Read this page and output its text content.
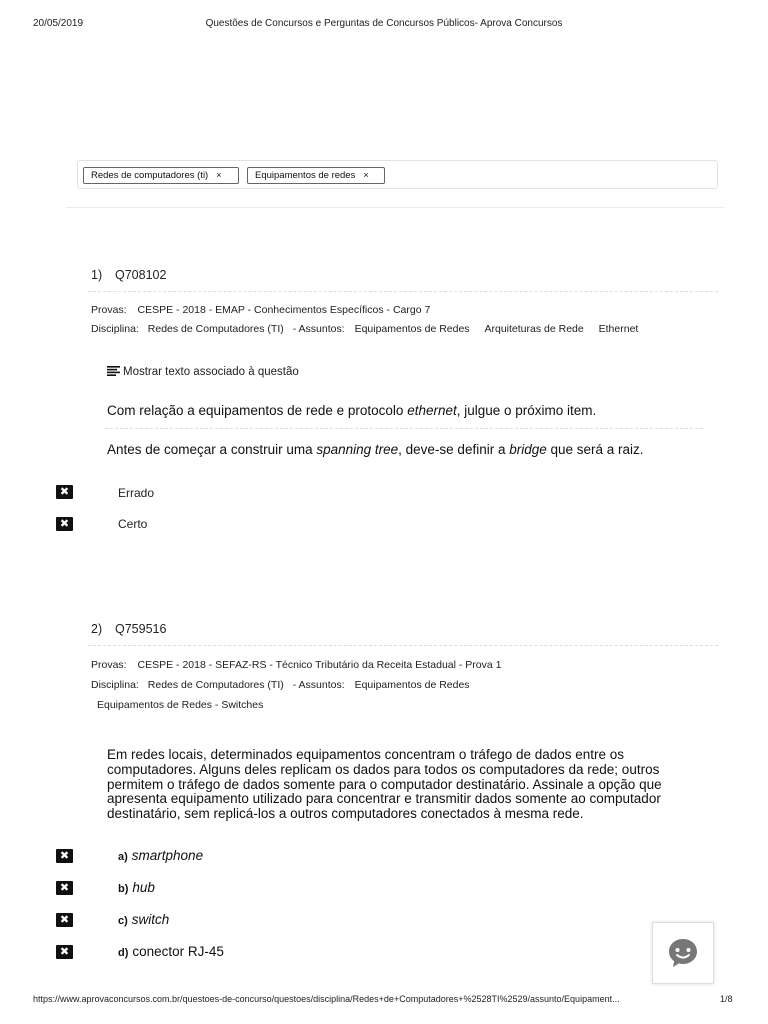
20/05/2019	Questões de Concursos e Perguntas de Concursos Públicos- Aprova Concursos
Redes de computadores (ti) ×	Equipamentos de redes ×
1) Q708102
Provas: CESPE - 2018 - EMAP - Conhecimentos Específicos - Cargo 7
Disciplina: Redes de Computadores (TI) - Assuntos: Equipamentos de Redes Arquiteturas de Rede Ethernet
Mostrar texto associado à questão
Com relação a equipamentos de rede e protocolo ethernet, julgue o próximo item.
Antes de começar a construir uma spanning tree, deve-se definir a bridge que será a raiz.
✖	Errado
✖	Certo
2) Q759516
Provas: CESPE - 2018 - SEFAZ-RS - Técnico Tributário da Receita Estadual - Prova 1
Disciplina: Redes de Computadores (TI) - Assuntos: Equipamentos de Redes
Equipamentos de Redes - Switches
Em redes locais, determinados equipamentos concentram o tráfego de dados entre os
computadores. Alguns deles replicam os dados para todos os computadores da rede; outros
permitem o tráfego de dados somente para o computador destinatário. Assinale a opção que
apresenta equipamento utilizado para concentrar e transmitir dados somente ao computador
destinatário, sem replicá-los a outros computadores conectados à mesma rede.
✖	a) smartphone
✖	b) hub
✖	c) switch
✖	d) conector RJ-45
https://www.aprovaconcursos.com.br/questoes-de-concurso/questoes/disciplina/Redes+de+Computadores+%2528TI%2529/assunto/Equipament...	1/8
